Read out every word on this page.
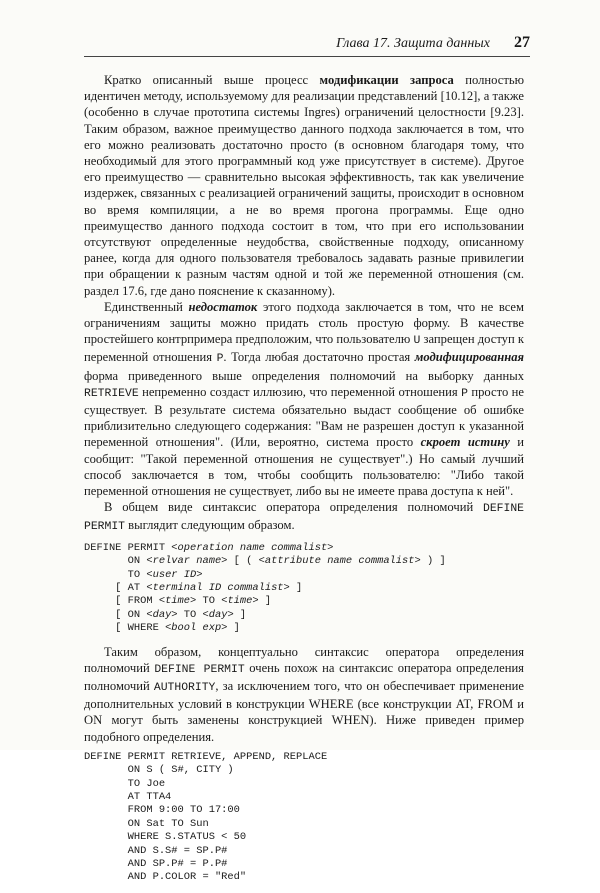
Глава 17. Защита данных 27

Кратко описанный выше процесс модификации запроса полностью идентичен методу, используемому для реализации представлений [10.12], а также (особенно в случае прототипа системы Ingres) ограничений целостности [9.23]. Таким образом, важное преимущество данного подхода заключается в том, что его можно реализовать достаточно просто (в основном благодаря тому, что необходимый для этого программный код уже присутствует в системе). Другое его преимущество — сравнительно высокая эффективность, так как увеличение издержек, связанных с реализацией ограничений защиты, происходит в основном во время компиляции, а не во время прогона программы. Еще одно преимущество данного подхода состоит в том, что при его использовании отсутствуют определенные неудобства, свойственные подходу, описанному ранее, когда для одного пользователя требовалось задавать разные привилегии при обращении к разным частям одной и той же переменной отношения (см. раздел 17.6, где дано пояснение к сказанному).

Единственный недостаток этого подхода заключается в том, что не всем ограничениям защиты можно придать столь простую форму. В качестве простейшего контрпримера предположим, что пользователю U запрещен доступ к переменной отношения P. Тогда любая достаточно простая модифицированная форма приведенного выше определения полномочий на выборку данных RETRIEVE непременно создаст иллюзию, что переменной отношения P просто не существует. В результате система обязательно выдаст сообщение об ошибке приблизительно следующего содержания: "Вам не разрешен доступ к указанной переменной отношения". (Или, вероятно, система просто скроет истину и сообщит: "Такой переменной отношения не существует".) Но самый лучший способ заключается в том, чтобы сообщить пользователю: "Либо такой переменной отношения не существует, либо вы не имеете права доступа к ней".

В общем виде синтаксис оператора определения полномочий DEFINE PERMIT выглядит следующим образом.

DEFINE PERMIT <operation name commalist>
ON <relvar name> [ ( <attribute name commalist> ) ]
TO <user ID>
[ AT <terminal ID commalist> ]
[ FROM <time> TO <time> ]
[ ON <day> TO <day> ]
[ WHERE <bool exp> ]

Таким образом, концептуально синтаксис оператора определения полномочий DEFINE PERMIT очень похож на синтаксис оператора определения полномочий AUTHORITY, за исключением того, что он обеспечивает применение дополнительных условий в конструкции WHERE (все конструкции AT, FROM и ON могут быть заменены конструкцией WHEN). Ниже приведен пример подобного определения.

DEFINE PERMIT RETRIEVE, APPEND, REPLACE
ON S ( S#, CITY )
TO Joe
AT TTA4
FROM 9:00 TO 17:00
ON Sat TO Sun
WHERE S.STATUS < 50
AND S.S# = SP.P#
AND SP.P# = P.P#
AND P.COLOR = "Red"
